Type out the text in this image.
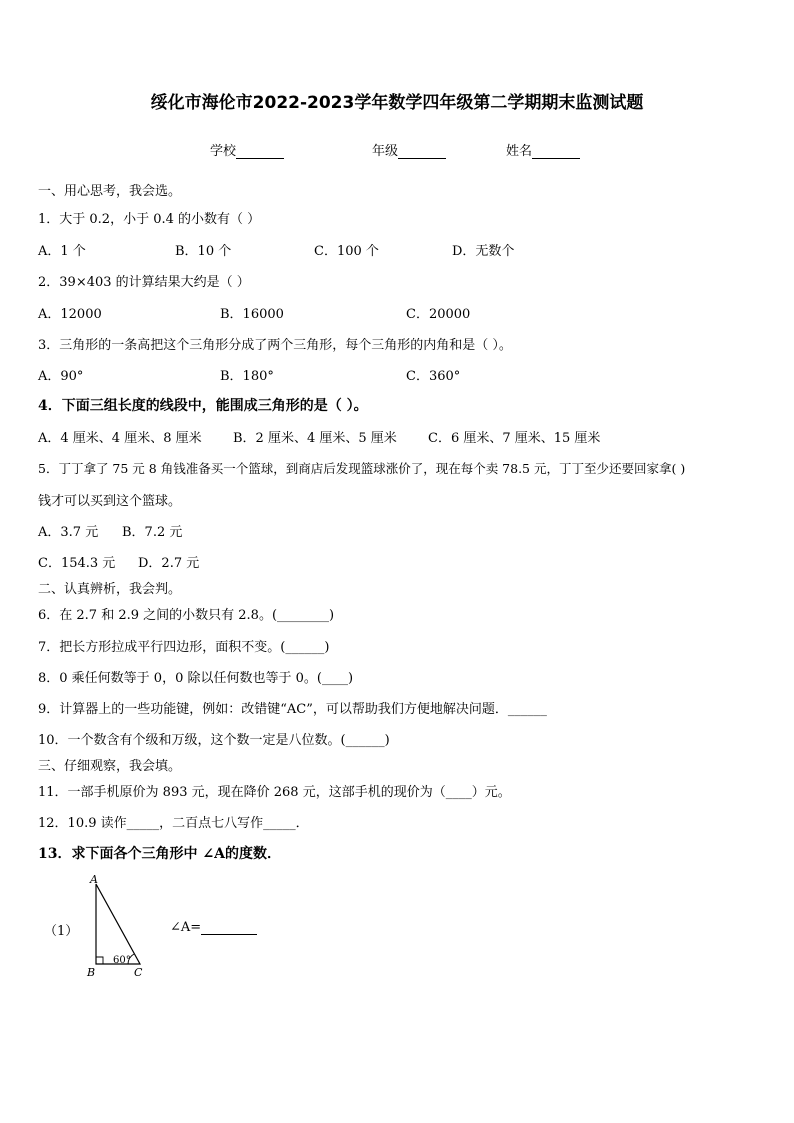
绥化市海伦市2022-2023学年数学四年级第二学期期末监测试题
学校	年级	姓名
一、用心思考，我会选。
1．大于 0.2，小于 0.4 的小数有（ ）
A．1 个	B．10 个	C．100 个	D．无数个
2．39×403 的计算结果大约是（ ）
A．12000	B．16000	C．20000
3．三角形的一条高把这个三角形分成了两个三角形，每个三角形的内角和是（ ）。
A．90°	B．180°	C．360°
4．下面三组长度的线段中，能围成三角形的是（ ）。
A．4 厘米、4 厘米、8 厘米 B．2 厘米、4 厘米、5 厘米 C．6 厘米、7 厘米、15 厘米
5．丁丁拿了 75 元 8 角钱准备买一个篮球，到商店后发现篮球涨价了，现在每个卖 78.5 元，丁丁至少还要回家拿( )
钱才可以买到这个篮球。
A．3.7 元 B．7.2 元
C．154.3 元 D．2.7 元
二、认真辨析，我会判。
6．在 2.7 和 2.9 之间的小数只有 2.8。(________)
7．把长方形拉成平行四边形，面积不变。(______)
8．0 乘任何数等于 0，0 除以任何数也等于 0。(____)
9．计算器上的一些功能键，例如：改错键“AC”，可以帮助我们方便地解决问题．______
10．一个数含有个级和万级，这个数一定是八位数。(______)
三、仔细观察，我会填。
11．一部手机原价为 893 元，现在降价 268 元，这部手机的现价为（____）元。
12．10.9 读作_____，二百点七八写作_____．
13．求下面各个三角形中 ∠A的度数．
（1）
A
B	C
60°
∠A=
